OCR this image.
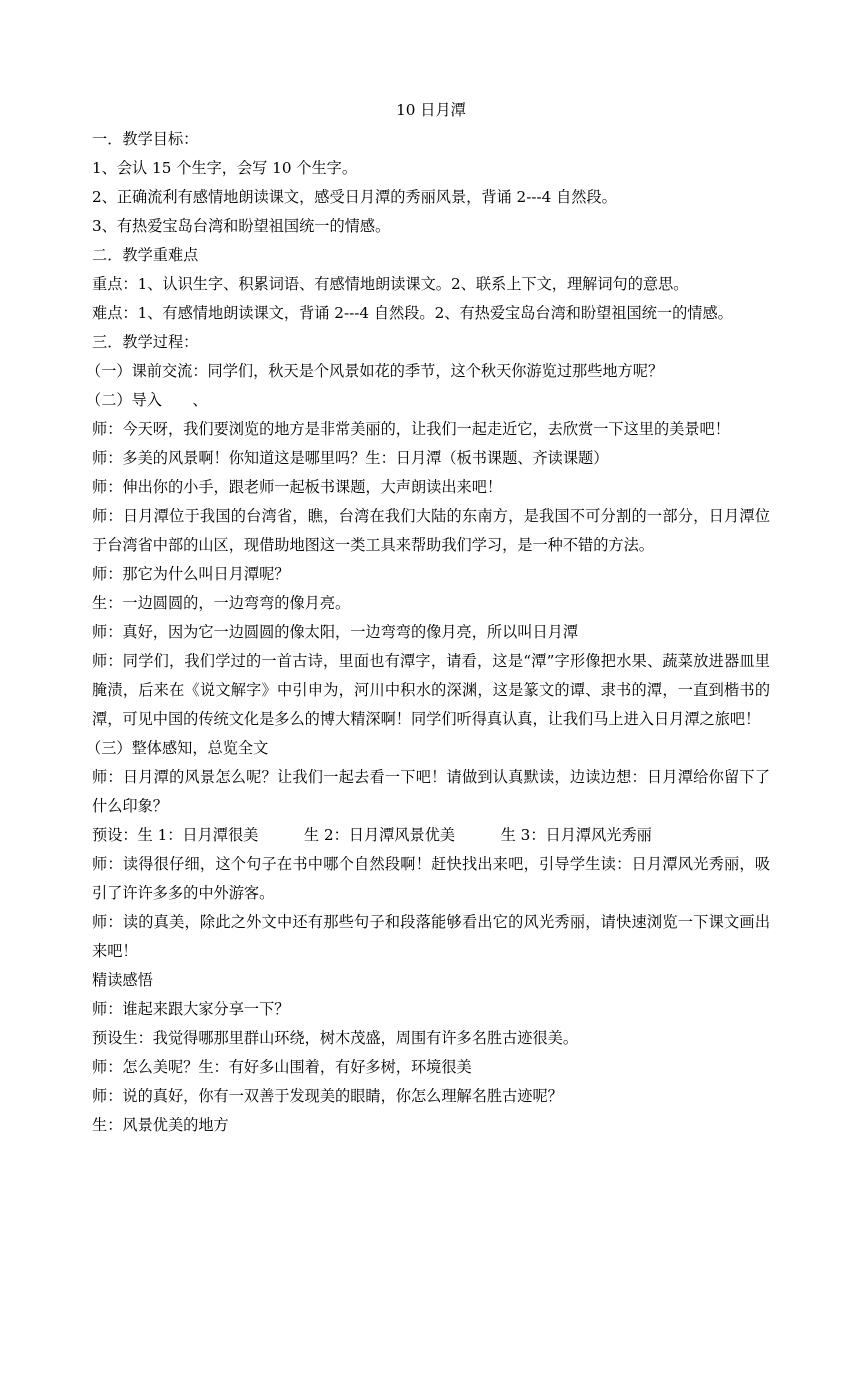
10 日月潭

一．教学目标：

1、会认 15 个生字，会写 10 个生字。

2、正确流利有感情地朗读课文，感受日月潭的秀丽风景，背诵 2---4 自然段。

3、有热爱宝岛台湾和盼望祖国统一的情感。

二．教学重难点

重点：1、认识生字、积累词语、有感情地朗读课文。2、联系上下文，理解词句的意思。

难点：1、有感情地朗读课文，背诵 2---4 自然段。2、有热爱宝岛台湾和盼望祖国统一的情感。

三．教学过程：

（一）课前交流：同学们，秋天是个风景如花的季节，这个秋天你游览过那些地方呢？

（二）导入　　、

师：今天呀，我们要浏览的地方是非常美丽的，让我们一起走近它，去欣赏一下这里的美景吧！

师：多美的风景啊！你知道这是哪里吗？生：日月潭（板书课题、齐读课题）

师：伸出你的小手，跟老师一起板书课题，大声朗读出来吧！

师：日月潭位于我国的台湾省，瞧，台湾在我们大陆的东南方，是我国不可分割的一部分，日月潭位于台湾省中部的山区，现借助地图这一类工具来帮助我们学习，是一种不错的方法。

师：那它为什么叫日月潭呢？

生：一边圆圆的，一边弯弯的像月亮。

师：真好，因为它一边圆圆的像太阳，一边弯弯的像月亮，所以叫日月潭

师：同学们，我们学过的一首古诗，里面也有潭字，请看，这是“潭”字形像把水果、蔬菜放进器皿里腌渍，后来在《说文解字》中引申为，河川中积水的深渊，这是篆文的谭、隶书的潭，一直到楷书的潭，可见中国的传统文化是多么的博大精深啊！同学们听得真认真，让我们马上进入日月潭之旅吧！

（三）整体感知，总览全文

师：日月潭的风景怎么呢？让我们一起去看一下吧！请做到认真默读，边读边想：日月潭给你留下了什么印象？

预设：生 1：日月潭很美　　　生 2：日月潭风景优美　　　生 3：日月潭风光秀丽

师：读得很仔细，这个句子在书中哪个自然段啊！赶快找出来吧，引导学生读：日月潭风光秀丽，吸引了许许多多的中外游客。

师：读的真美，除此之外文中还有那些句子和段落能够看出它的风光秀丽，请快速浏览一下课文画出来吧！

精读感悟

师：谁起来跟大家分享一下？

预设生：我觉得哪那里群山环绕，树木茂盛，周围有许多名胜古迹很美。

师：怎么美呢？生：有好多山围着，有好多树，环境很美

师：说的真好，你有一双善于发现美的眼睛，你怎么理解名胜古迹呢？

生：风景优美的地方
